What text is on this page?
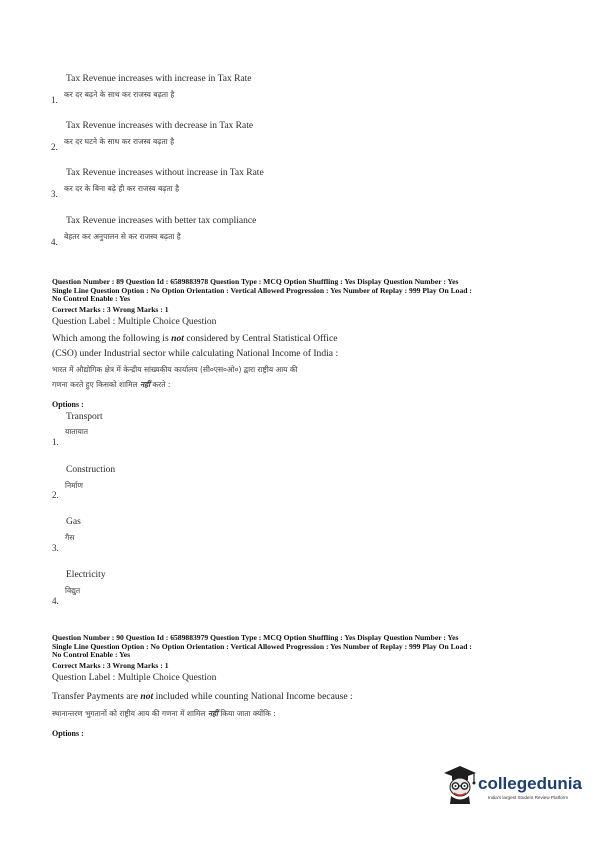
Tax Revenue increases with increase in Tax Rate
1.
कर दर बढ़ने के साथ कर राजस्व बढ़ता है
Tax Revenue increases with decrease in Tax Rate
2.
कर दर घटने के साथ कर राजस्व बढ़ता है
Tax Revenue increases without increase in Tax Rate
3.
कर दर के बिना बढ़े ही कर राजस्व बढ़ता है
Tax Revenue increases with better tax compliance
4.
बेहतर कर अनुपालन से कर राजस्व बढ़ता है
Question Number : 89 Question Id : 6589883978 Question Type : MCQ Option Shuffling : Yes Display Question Number : Yes
Single Line Question Option : No Option Orientation : Vertical Allowed Progression : Yes Number of Replay : 999 Play On Load :
No Control Enable : Yes
Correct Marks : 3 Wrong Marks : 1
Question Label : Multiple Choice Question
Which among the following is not considered by Central Statistical Office
(CSO) under Industrial sector while calculating National Income of India :
भारत में औद्योगिक क्षेत्र में केन्द्रीय सांख्यकीय कार्यालय (सी०एस०ओ०) द्वारा राष्ट्रीय आय की
गणना करते हुए किसको शामिल नहीं करते :
Options :
Transport
यातायात
1.
Construction
निर्माण
2.
Gas
गैस
3.
Electricity
विद्युत
4.
Question Number : 90 Question Id : 6589883979 Question Type : MCQ Option Shuffling : Yes Display Question Number : Yes
Single Line Question Option : No Option Orientation : Vertical Allowed Progression : Yes Number of Replay : 999 Play On Load :
No Control Enable : Yes
Correct Marks : 3 Wrong Marks : 1
Question Label : Multiple Choice Question
Transfer Payments are not included while counting National Income because :
स्थानान्तरण भुगतानों को राष्ट्रीय आय की गणना में शामिल नहीं किया जाता क्योंकि :
Options :
collegedunia
India's largest Student Review Platform
